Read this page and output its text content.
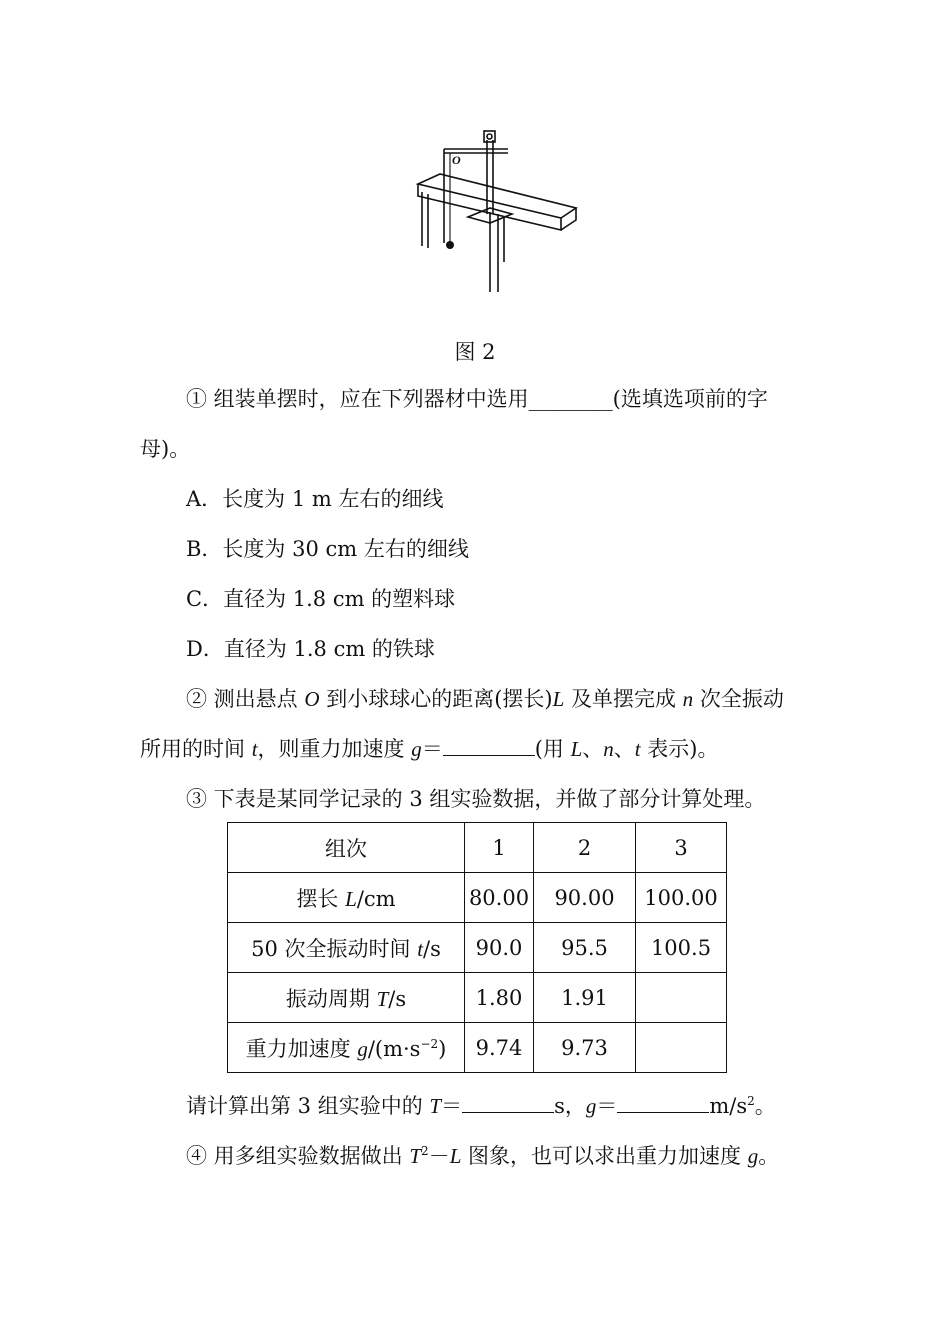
O
图 2
① 组装单摆时，应在下列器材中选用________(选填选项前的字
母)。
A．长度为 1 m 左右的细线
B．长度为 30 cm 左右的细线
C．直径为 1.8 cm 的塑料球
D．直径为 1.8 cm 的铁球
② 测出悬点 O 到小球球心的距离(摆长)L 及单摆完成 n 次全振动
所用的时间 t，则重力加速度 g＝	(用 L、n、t 表示)。
③ 下表是某同学记录的 3 组实验数据，并做了部分计算处理。
组次	1	2	3
摆长 L/cm	80.00	90.00	100.00
50 次全振动时间 t/s	90.0	95.5	100.5
振动周期 T/s	1.80	1.91	
重力加速度 $g/(m\cdot s^{-2})$	9.74	9.73	
请计算出第 3 组实验中的 T＝	s，g＝	$m/s^2$。
④ 用多组实验数据做出 $T^2-L$ 图象，也可以求出重力加速度 g。
